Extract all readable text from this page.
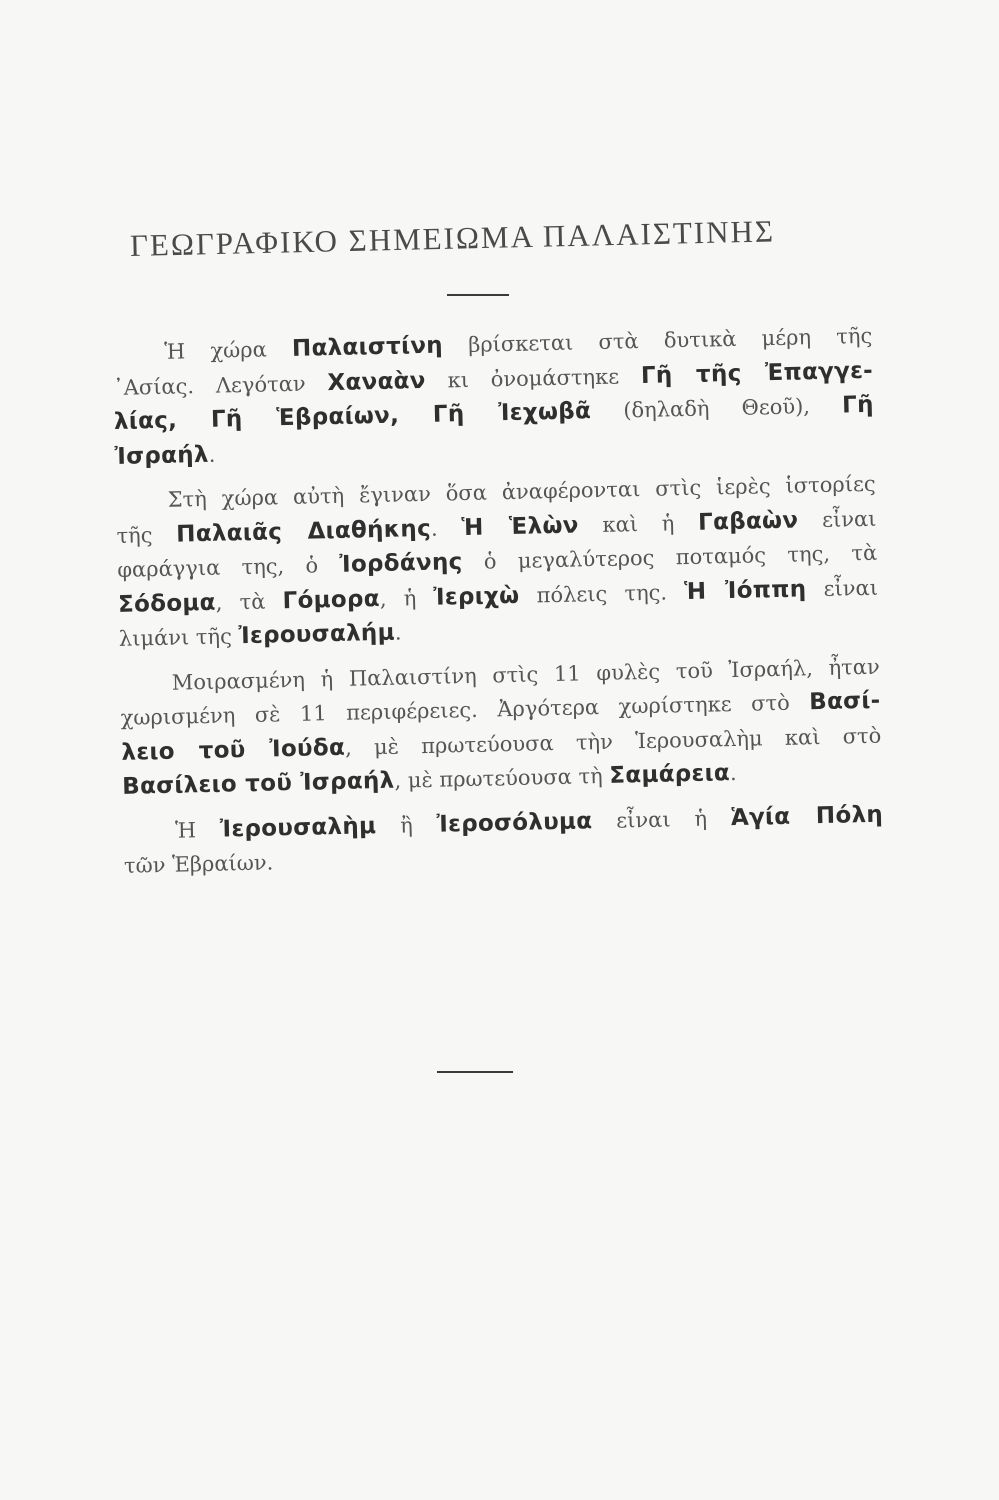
ΓΕΩΓΡΑΦΙΚΟ ΣΗΜΕΙΩΜΑ ΠΑΛΑΙΣΤΙΝΗΣ
Ἡ χώρα Παλαιστίνη βρίσκεται στὰ δυτικὰ μέρη τῆς
᾿Ασίας. Λεγόταν Χαναὰν κι ὀνομάστηκε Γῆ τῆς Ἐπαγγε-
λίας, Γῆ Ἑβραίων, Γῆ Ἰεχωβᾶ (δηλαδὴ Θεοῦ), Γῆ
Ἰσραήλ.
Στὴ χώρα αὐτὴ ἔγιναν ὅσα ἀναφέρονται στὶς ἱερὲς ἱστορίες
τῆς Παλαιᾶς Διαθήκης. Ἡ Ἑλὼν καὶ ἡ Γαβαὼν εἶναι
φαράγγια της, ὁ Ἰορδάνης ὁ μεγαλύτερος ποταμός της, τὰ
Σόδομα, τὰ Γόμορα, ἡ Ἰεριχὼ πόλεις της. Ἡ Ἰόππη εἶναι
λιμάνι τῆς Ἰερουσαλήμ.
Μοιρασμένη ἡ Παλαιστίνη στὶς 11 φυλὲς τοῦ Ἰσραήλ, ἦταν
χωρισμένη σὲ 11 περιφέρειες. Ἀργότερα χωρίστηκε στὸ Βασί-
λειο τοῦ Ἰούδα, μὲ πρωτεύουσα τὴν Ἱερουσαλὴμ καὶ στὸ
Βασίλειο τοῦ Ἰσραήλ, μὲ πρωτεύουσα τὴ Σαμάρεια.
Ἡ Ἰερουσαλὴμ ἢ Ἰεροσόλυμα εἶναι ἡ Ἁγία Πόλη
τῶν Ἑβραίων.
